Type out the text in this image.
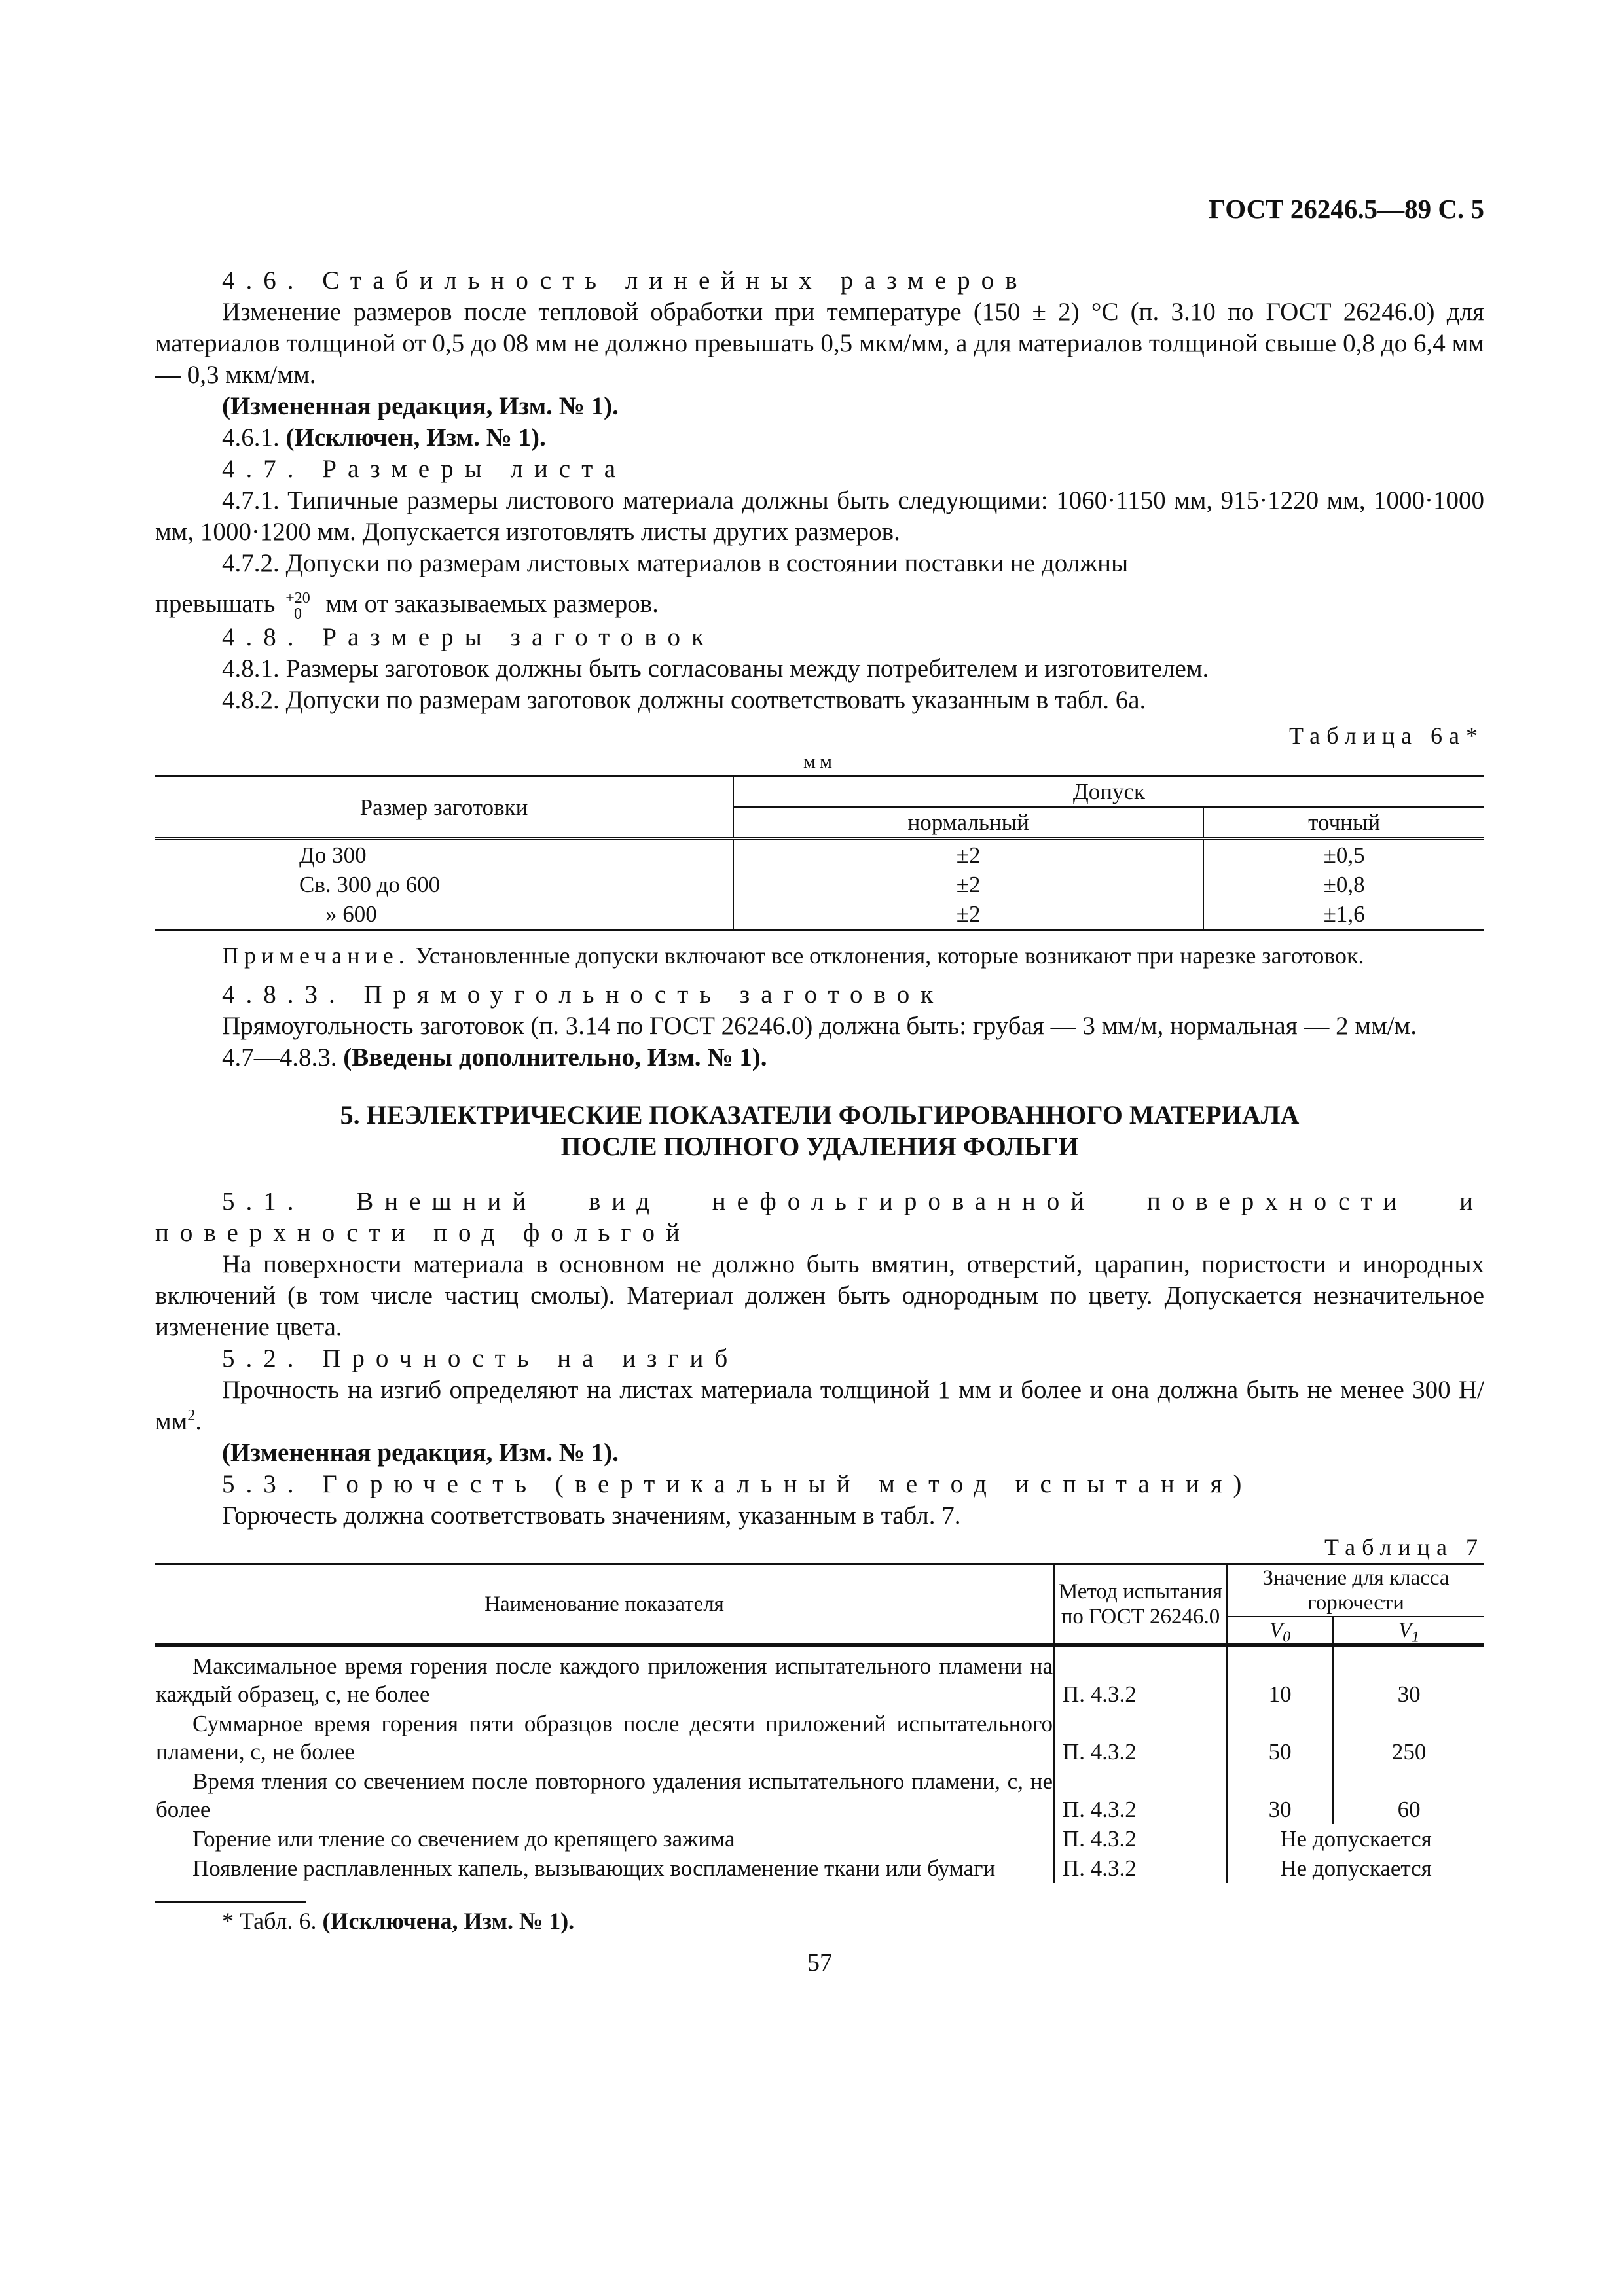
ГОСТ 26246.5—89 С. 5

4.6. Стабильность линейных размеров

Изменение размеров после тепловой обработки при температуре (150 ± 2) °С (п. 3.10 по ГОСТ 26246.0) для материалов толщиной от 0,5 до 08 мм не должно превышать 0,5 мкм/мм, а для материалов толщиной свыше 0,8 до 6,4 мм — 0,3 мкм/мм.

(Измененная редакция, Изм. № 1).

4.6.1. (Исключен, Изм. № 1).

4.7. Размеры листа

4.7.1. Типичные размеры листового материала должны быть следующими: 1060·1150 мм, 915·1220 мм, 1000·1000 мм, 1000·1200 мм. Допускается изготовлять листы других размеров.

4.7.2. Допуски по размерам листовых материалов в состоянии поставки не должны

превышать +20
0 мм от заказываемых размеров.

4.8. Размеры заготовок

4.8.1. Размеры заготовок должны быть согласованы между потребителем и изготовителем.

4.8.2. Допуски по размерам заготовок должны соответствовать указанным в табл. 6а.

Таблица 6а*

мм

Размер заготовки	Допуск	
	нормальный	точный
До 300	±2	±0,5
Св. 300 до 600	±2	±0,8
» 600	±2	±1,6

Примечание. Установленные допуски включают все отклонения, которые возникают при нарезке заготовок.

4.8.3. Прямоугольность заготовок

Прямоугольность заготовок (п. 3.14 по ГОСТ 26246.0) должна быть: грубая — 3 мм/м, нормальная — 2 мм/м.

4.7—4.8.3. (Введены дополнительно, Изм. № 1).

5. НЕЭЛЕКТРИЧЕСКИЕ ПОКАЗАТЕЛИ ФОЛЬГИРОВАННОГО МАТЕРИАЛА
ПОСЛЕ ПОЛНОГО УДАЛЕНИЯ ФОЛЬГИ

5.1. Внешний вид нефольгированной поверхности и поверхности под фольгой

На поверхности материала в основном не должно быть вмятин, отверстий, царапин, пористости и инородных включений (в том числе частиц смолы). Материал должен быть однородным по цвету. Допускается незначительное изменение цвета.

5.2. Прочность на изгиб

Прочность на изгиб определяют на листах материала толщиной 1 мм и более и она должна быть не менее 300 $Н/мм^2$.

(Измененная редакция, Изм. № 1).

5.3. Горючесть (вертикальный метод испытания)

Горючесть должна соответствовать значениям, указанным в табл. 7.

Таблица 7

Наименование показателя	Метод испытания по ГОСТ 26246.0	Значение для класса горючести	
		$V_0$	$V_1$
Максимальное время горения после каждого приложения испытательного пламени на каждый образец, с, не более	П. 4.3.2	10	30
Суммарное время горения пяти образцов после десяти приложений испытательного пламени, с, не более	П. 4.3.2	50	250
Время тления со свечением после повторного удаления испытательного пламени, с, не более	П. 4.3.2	30	60
Горение или тление со свечением до крепящего зажима	П. 4.3.2	Не допускается	
Появление расплавленных капель, вызывающих воспламенение ткани или бумаги	П. 4.3.2	Не допускается	

* Табл. 6. (Исключена, Изм. № 1).

57
